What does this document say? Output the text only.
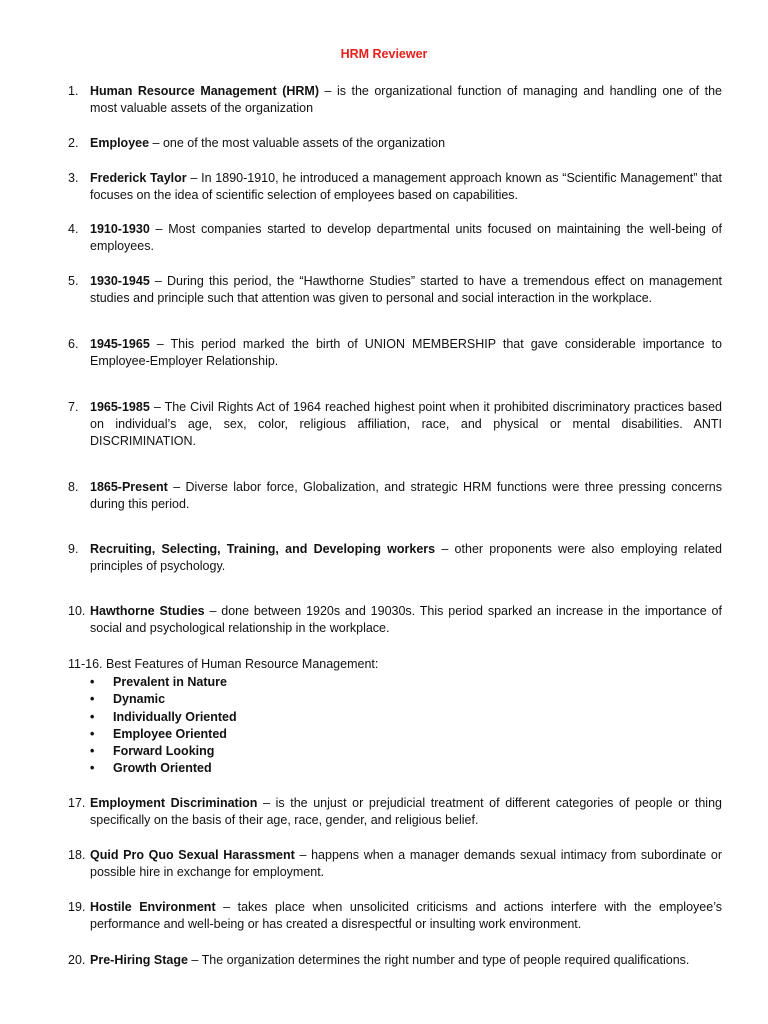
HRM Reviewer
1. Human Resource Management (HRM) – is the organizational function of managing and handling one of the most valuable assets of the organization
2. Employee – one of the most valuable assets of the organization
3. Frederick Taylor – In 1890-1910, he introduced a management approach known as “Scientific Management” that focuses on the idea of scientific selection of employees based on capabilities.
4. 1910-1930 – Most companies started to develop departmental units focused on maintaining the well-being of employees.
5. 1930-1945 – During this period, the “Hawthorne Studies” started to have a tremendous effect on management studies and principle such that attention was given to personal and social interaction in the workplace.
6. 1945-1965 – This period marked the birth of UNION MEMBERSHIP that gave considerable importance to Employee-Employer Relationship.
7. 1965-1985 – The Civil Rights Act of 1964 reached highest point when it prohibited discriminatory practices based on individual’s age, sex, color, religious affiliation, race, and physical or mental disabilities. ANTI DISCRIMINATION.
8. 1865-Present – Diverse labor force, Globalization, and strategic HRM functions were three pressing concerns during this period.
9. Recruiting, Selecting, Training, and Developing workers – other proponents were also employing related principles of psychology.
10. Hawthorne Studies – done between 1920s and 19030s. This period sparked an increase in the importance of social and psychological relationship in the workplace.
11-16. Best Features of Human Resource Management:
• Prevalent in Nature
• Dynamic
• Individually Oriented
• Employee Oriented
• Forward Looking
• Growth Oriented
17. Employment Discrimination – is the unjust or prejudicial treatment of different categories of people or thing specifically on the basis of their age, race, gender, and religious belief.
18. Quid Pro Quo Sexual Harassment – happens when a manager demands sexual intimacy from subordinate or possible hire in exchange for employment.
19. Hostile Environment – takes place when unsolicited criticisms and actions interfere with the employee’s performance and well-being or has created a disrespectful or insulting work environment.
20. Pre-Hiring Stage – The organization determines the right number and type of people required qualifications.
